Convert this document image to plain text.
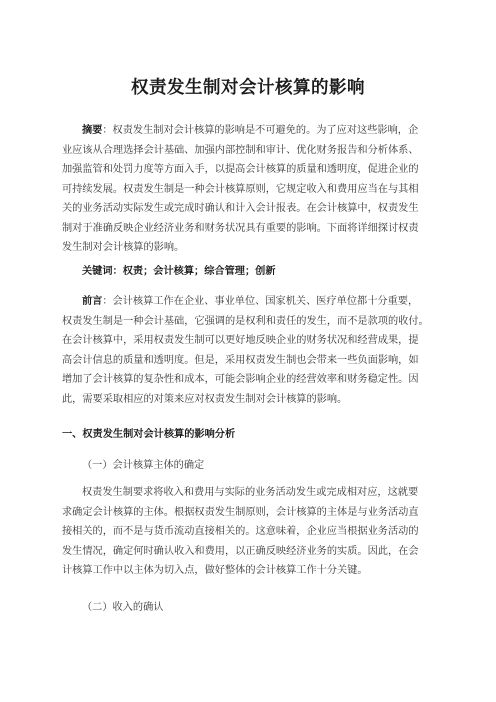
权责发生制对会计核算的影响
摘要：权责发生制对会计核算的影响是不可避免的。为了应对这些影响，企
业应该从合理选择会计基础、加强内部控制和审计、优化财务报告和分析体系、
加强监管和处罚力度等方面入手，以提高会计核算的质量和透明度，促进企业的
可持续发展。权责发生制是一种会计核算原则，它规定收入和费用应当在与其相
关的业务活动实际发生或完成时确认和计入会计报表。在会计核算中，权责发生
制对于准确反映企业经济业务和财务状况具有重要的影响。下面将详细探讨权责
发生制对会计核算的影响。
关键词：权责；会计核算；综合管理；创新
前言：会计核算工作在企业、事业单位、国家机关、医疗单位都十分重要，
权责发生制是一种会计基础，它强调的是权利和责任的发生，而不是款项的收付。
在会计核算中，采用权责发生制可以更好地反映企业的财务状况和经营成果，提
高会计信息的质量和透明度。但是，采用权责发生制也会带来一些负面影响，如
增加了会计核算的复杂性和成本，可能会影响企业的经营效率和财务稳定性。因
此，需要采取相应的对策来应对权责发生制对会计核算的影响。
一、权责发生制对会计核算的影响分析
（一）会计核算主体的确定
权责发生制要求将收入和费用与实际的业务活动发生或完成相对应，这就要
求确定会计核算的主体。根据权责发生制原则，会计核算的主体是与业务活动直
接相关的，而不是与货币流动直接相关的。这意味着，企业应当根据业务活动的
发生情况，确定何时确认收入和费用，以正确反映经济业务的实质。因此，在会
计核算工作中以主体为切入点，做好整体的会计核算工作十分关键。
（二）收入的确认
